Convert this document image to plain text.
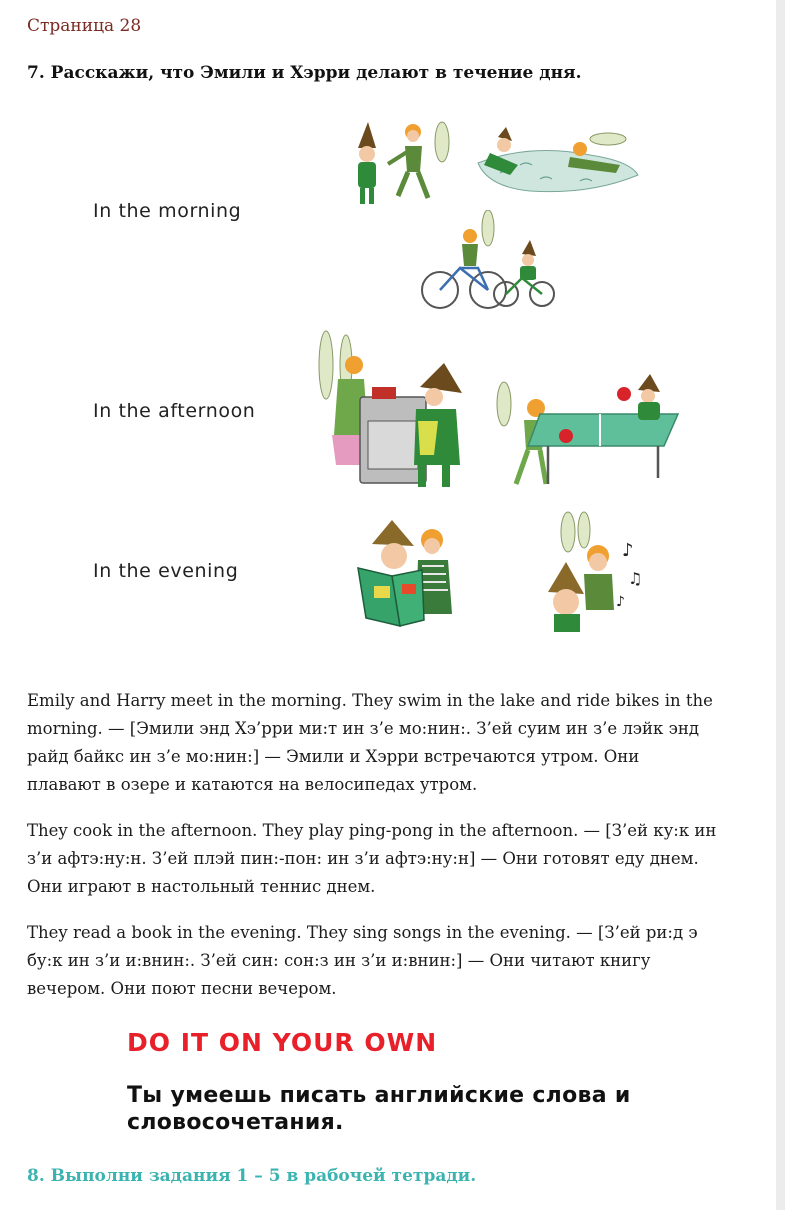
Страница 28
7. Расскажи, что Эмили и Хэрри делают в течение дня.
In the morning
In the afternoon
In the evening
♪
♫
♪
Emily and Harry meet in the morning. They swim in the lake and ride bikes in the morning. — [Эмили энд Хэ’рри ми:т ин з’е мо:нин:. З’ей суим ин з’е лэйк энд райд байкс ин з’е мо:нин:] — Эмили и Хэрри встречаются утром. Они плавают в озере и катаются на велосипедах утром.
They cook in the afternoon. They play ping-pong in the afternoon. — [З’ей ку:к ин з’и афтэ:ну:н. З’ей плэй пин:-пон: ин з’и афтэ:ну:н] — Они готовят еду днем. Они играют в настольный теннис днем.
They read a book in the evening. They sing songs in the evening. — [З’ей ри:д э бу:к ин з’и и:внин:. З’ей син: сон:з ин з’и и:внин:] — Они читают книгу вечером. Они поют песни вечером.
DO IT ON YOUR OWN
Ты умеешь писать английские слова и словосочетания.
8. Выполни задания 1 – 5 в рабочей тетради.
